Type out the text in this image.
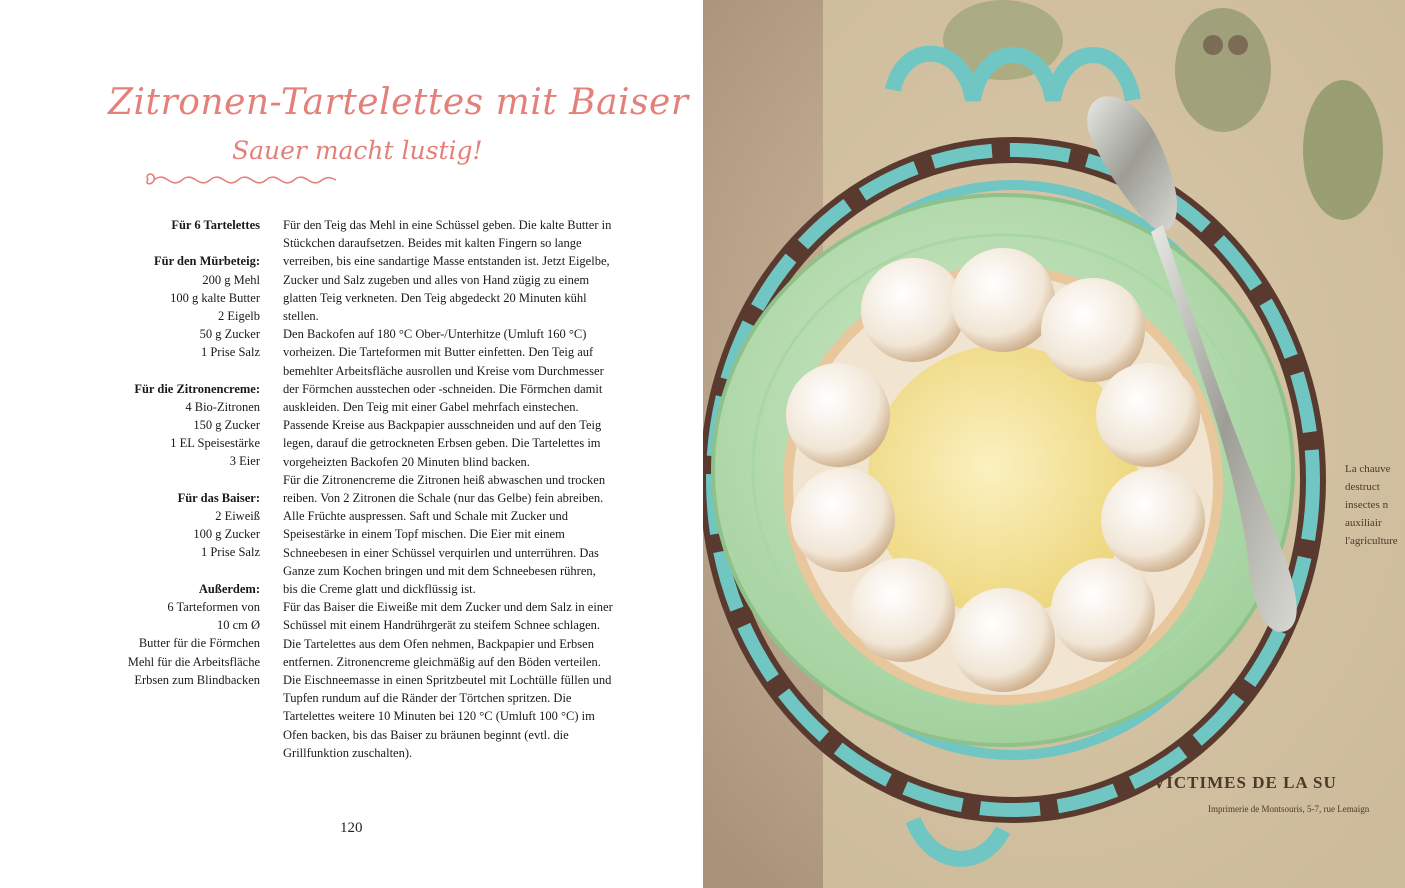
Zitronen-Tartelettes mit Baiser
Sauer macht lustig!
Für 6 Tartelettes
Für den Mürbeteig:
200 g Mehl
100 g kalte Butter
2 Eigelb
50 g Zucker
1 Prise Salz
Für die Zitronencreme:
4 Bio-Zitronen
150 g Zucker
1 EL Speisestärke
3 Eier
Für das Baiser:
2 Eiweiß
100 g Zucker
1 Prise Salz
Außerdem:
6 Tarteformen von
10 cm Ø
Butter für die Förmchen
Mehl für die Arbeitsfläche
Erbsen zum Blindbacken

Für den Teig das Mehl in eine Schüssel geben. Die kalte Butter in Stückchen daraufsetzen. Beides mit kalten Fingern so lange verreiben, bis eine sandartige Masse entstanden ist. Jetzt Eigelbe, Zucker und Salz zugeben und alles von Hand zügig zu einem glatten Teig verkneten. Den Teig abgedeckt 20 Minuten kühl stellen.

Den Backofen auf 180 °C Ober-/Unterhitze (Umluft 160 °C) vorheizen. Die Tarteformen mit Butter einfetten. Den Teig auf bemehlter Arbeitsfläche ausrollen und Kreise vom Durchmesser der Förmchen ausstechen oder -schneiden. Die Förmchen damit auskleiden. Den Teig mit einer Gabel mehrfach einstechen. Passende Kreise aus Backpapier ausschneiden und auf den Teig legen, darauf die getrockneten Erbsen geben. Die Tartelettes im vorgeheizten Backofen 20 Minuten blind backen.

Für die Zitronencreme die Zitronen heiß abwaschen und trocken reiben. Von 2 Zitronen die Schale (nur das Gelbe) fein abreiben. Alle Früchte auspressen. Saft und Schale mit Zucker und Speisestärke in einem Topf mischen. Die Eier mit einem Schneebesen in einer Schüssel verquirlen und unterrühren. Das Ganze zum Kochen bringen und mit dem Schneebesen rühren, bis die Creme glatt und dickflüssig ist.

Für das Baiser die Eiweiße mit dem Zucker und dem Salz in einer Schüssel mit einem Handrührgerät zu steifem Schnee schlagen.

Die Tartelettes aus dem Ofen nehmen, Backpapier und Erbsen entfernen. Zitronencreme gleichmäßig auf den Böden verteilen. Die Eischneemasse in einen Spritzbeutel mit Lochtülle füllen und Tupfen rundum auf die Ränder der Törtchen spritzen. Die Tartelettes weitere 10 Minuten bei 120 °C (Umluft 100 °C) im Ofen backen, bis das Baiser zu bräunen beginnt (evtl. die Grillfunktion zuschalten).

120
La chauve
destruct
insectes n
auxiliair
l'agriculture
VICTIMES DE LA SU
Imprimerie de Montsouris, 5-7, rue Lemaign
